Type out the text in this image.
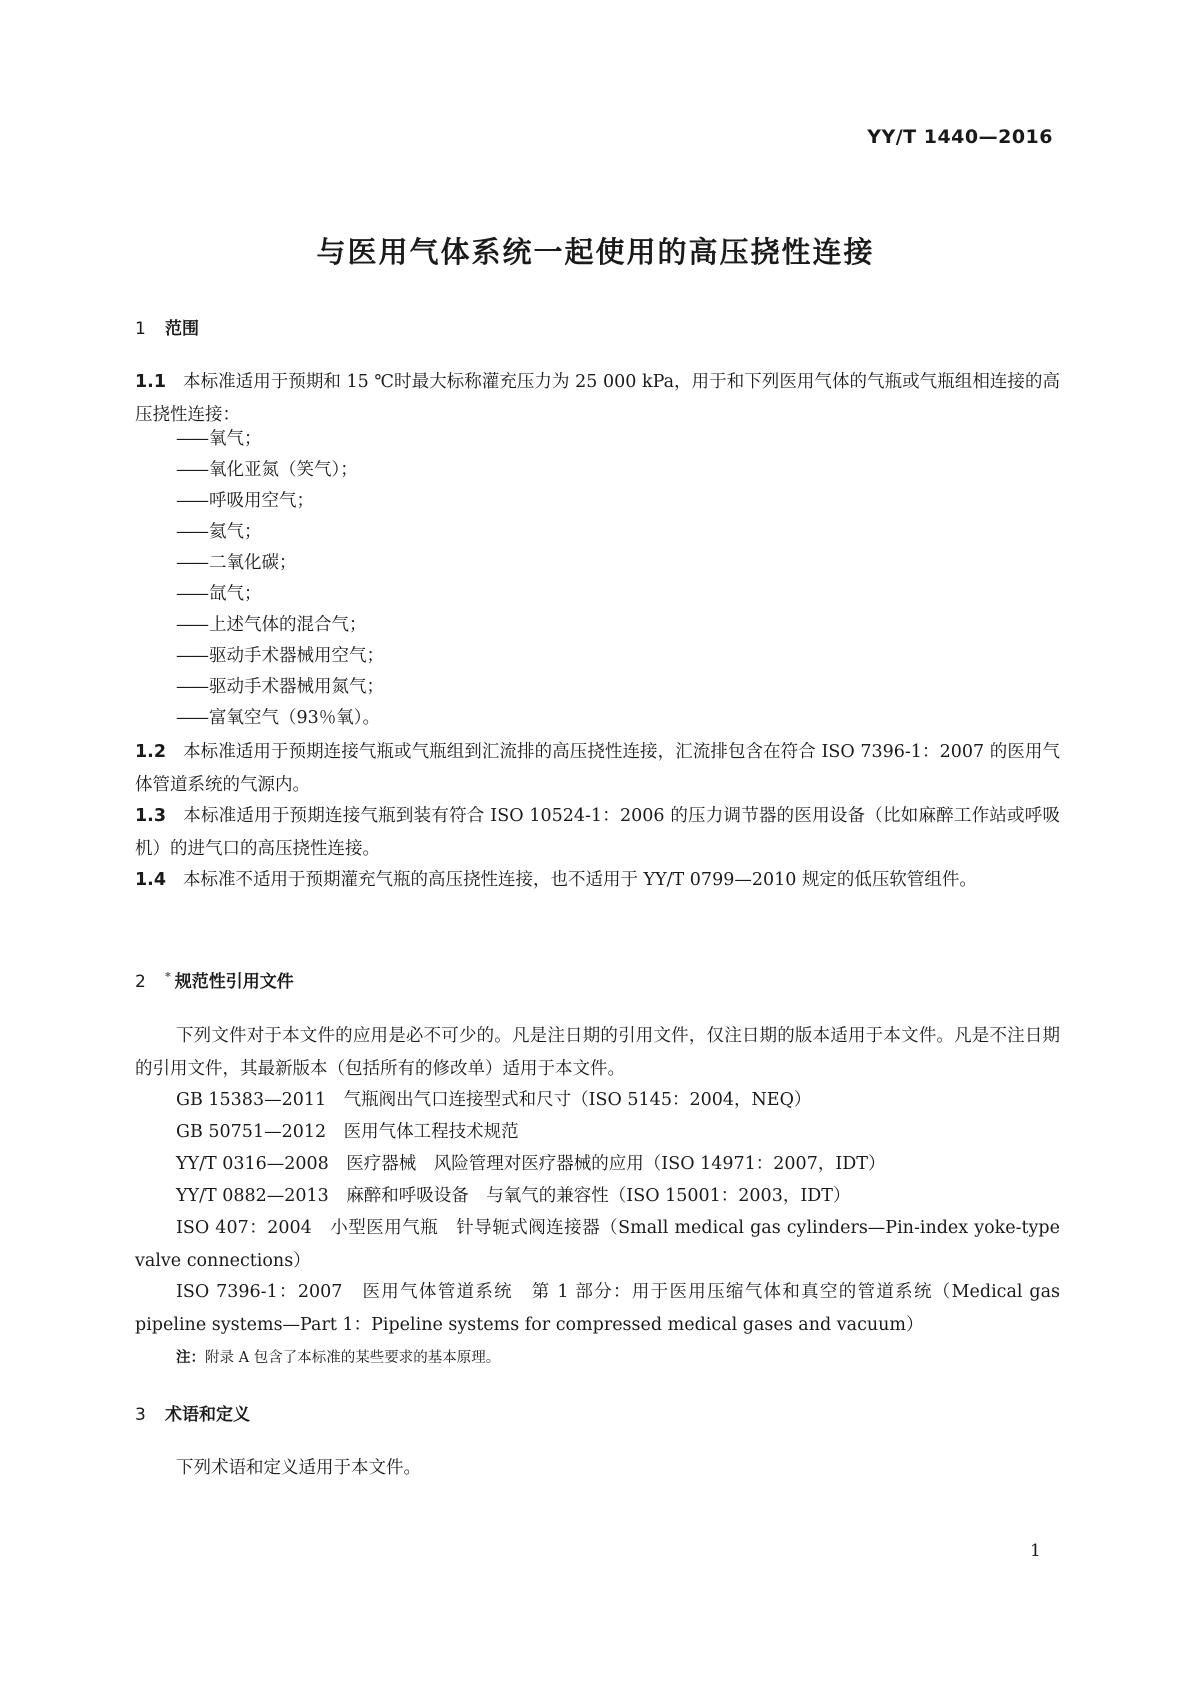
YY/T 1440—2016
与医用气体系统一起使用的高压挠性连接
1 范围
1.1 本标准适用于预期和 15 ℃时最大标称灌充压力为 25 000 kPa，用于和下列医用气体的气瓶或气瓶组相连接的高压挠性连接：
—— 氧气；
—— 氧化亚氮（笑气）；
—— 呼吸用空气；
—— 氦气；
—— 二氧化碳；
—— 氙气；
—— 上述气体的混合气；
—— 驱动手术器械用空气；
—— 驱动手术器械用氮气；
—— 富氧空气（93％氧）。
1.2 本标准适用于预期连接气瓶或气瓶组到汇流排的高压挠性连接，汇流排包含在符合 ISO 7396-1：2007 的医用气体管道系统的气源内。
1.3 本标准适用于预期连接气瓶到装有符合 ISO 10524-1：2006 的压力调节器的医用设备（比如麻醉工作站或呼吸机）的进气口的高压挠性连接。
1.4 本标准不适用于预期灌充气瓶的高压挠性连接，也不适用于 YY/T 0799—2010 规定的低压软管组件。
2 * 规范性引用文件
下列文件对于本文件的应用是必不可少的。凡是注日期的引用文件，仅注日期的版本适用于本文件。凡是不注日期的引用文件，其最新版本（包括所有的修改单）适用于本文件。
GB 15383—2011　气瓶阀出气口连接型式和尺寸（ISO 5145：2004，NEQ）
GB 50751—2012　医用气体工程技术规范
YY/T 0316—2008　医疗器械　风险管理对医疗器械的应用（ISO 14971：2007，IDT）
YY/T 0882—2013　麻醉和呼吸设备　与氧气的兼容性（ISO 15001：2003，IDT）
ISO 407：2004　小型医用气瓶　针导轭式阀连接器（Small medical gas cylinders—Pin-index yoke-type valve connections）
ISO 7396-1：2007　医用气体管道系统　第 1 部分：用于医用压缩气体和真空的管道系统（Medical gas pipeline systems—Part 1：Pipeline systems for compressed medical gases and vacuum）
注：附录 A 包含了本标准的某些要求的基本原理。
3 术语和定义
下列术语和定义适用于本文件。
1
